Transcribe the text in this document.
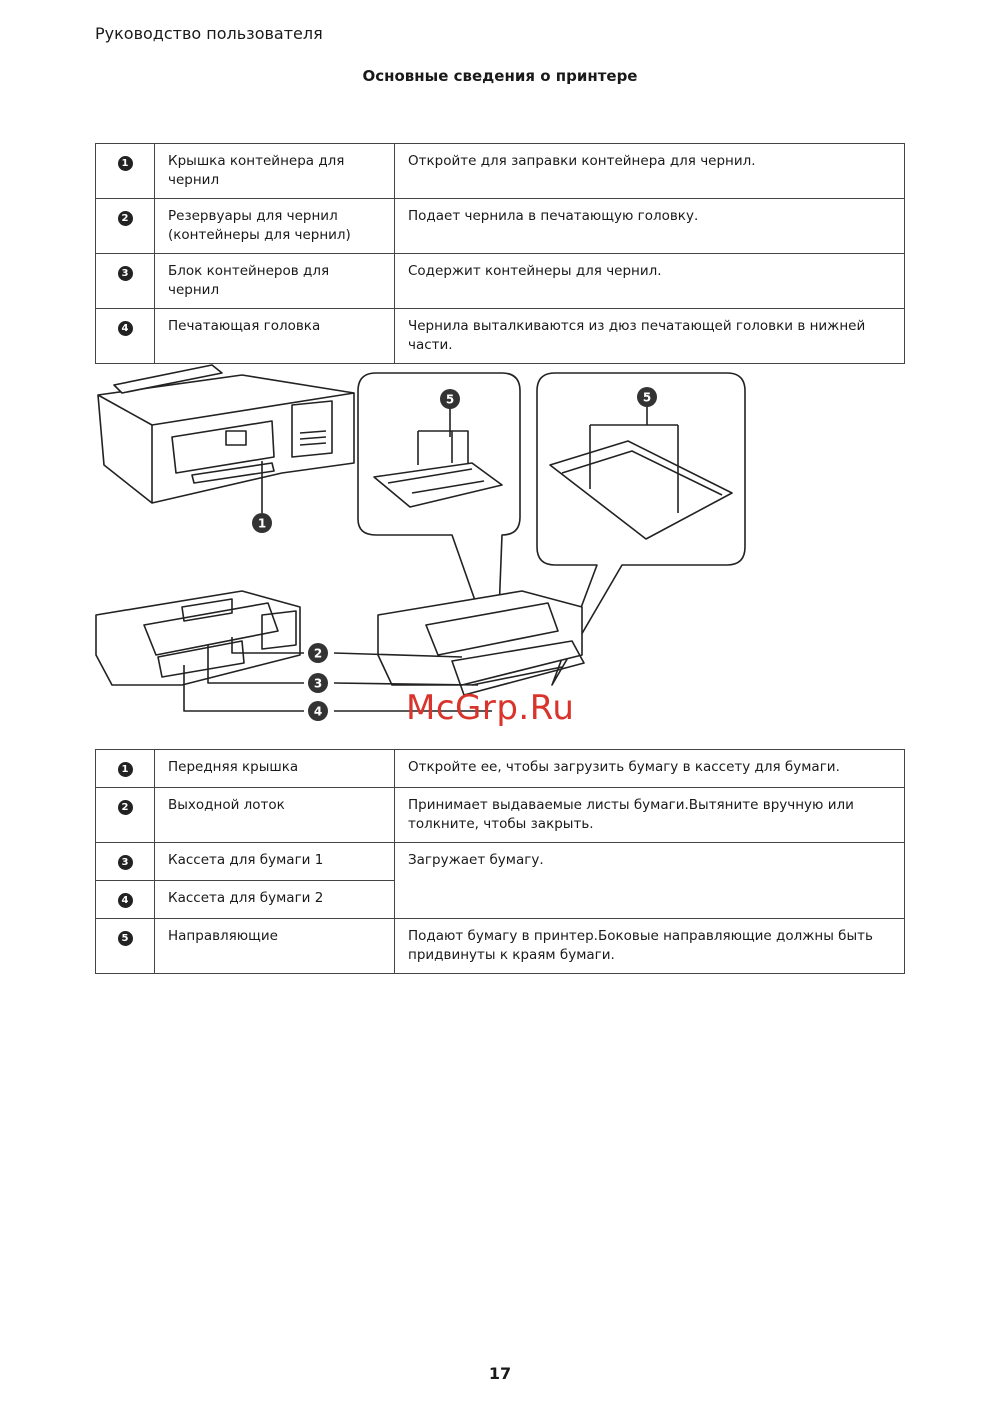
Руководство пользователя
Основные сведения о принтере
1	Крышка контейнера для чернил	Откройте для заправки контейнера для чернил.
2	Резервуары для чернил (контейнеры для чернил)	Подает чернила в печатающую головку.
3	Блок контейнеров для чернил	Содержит контейнеры для чернил.
4	Печатающая головка	Чернила выталкиваются из дюз печатающей головки в нижней части.
1
2
3
4
5	5
McGrp.Ru
1	Передняя крышка	Откройте ее, чтобы загрузить бумагу в кассету для бумаги.
2	Выходной лоток	Принимает выдаваемые листы бумаги.Вытяните вручную или толкните, чтобы закрыть.
3	Кассета для бумаги 1	Загружает бумагу.
4	Кассета для бумаги 2	
5	Направляющие	Подают бумагу в принтер.Боковые направляющие должны быть придвинуты к краям бумаги.
17
